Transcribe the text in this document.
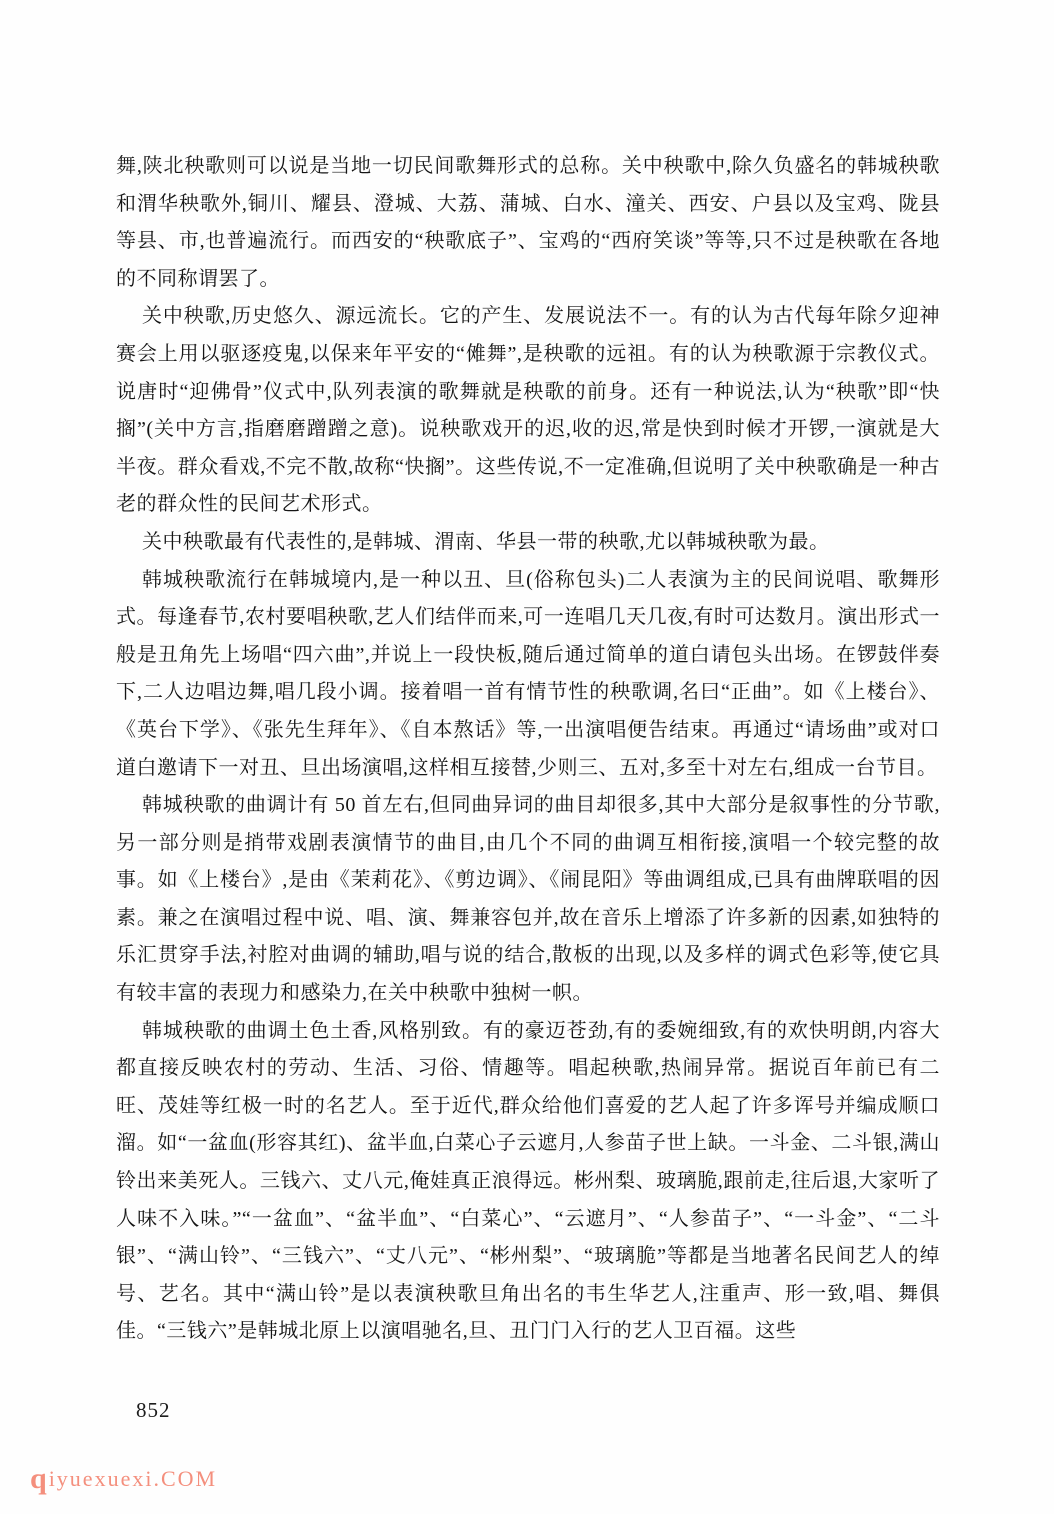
舞,陕北秧歌则可以说是当地一切民间歌舞形式的总称。关中秧歌中,除久负盛名的韩城秧歌和渭华秧歌外,铜川、耀县、澄城、大荔、蒲城、白水、潼关、西安、户县以及宝鸡、陇县等县、市,也普遍流行。而西安的“秧歌底子”、宝鸡的“西府笑谈”等等,只不过是秧歌在各地的不同称谓罢了。

关中秧歌,历史悠久、源远流长。它的产生、发展说法不一。有的认为古代每年除夕迎神赛会上用以驱逐疫鬼,以保来年平安的“傩舞”,是秧歌的远祖。有的认为秧歌源于宗教仪式。说唐时“迎佛骨”仪式中,队列表演的歌舞就是秧歌的前身。还有一种说法,认为“秧歌”即“快搁”(关中方言,指磨磨蹭蹭之意)。说秧歌戏开的迟,收的迟,常是快到时候才开锣,一演就是大半夜。群众看戏,不完不散,故称“快搁”。这些传说,不一定准确,但说明了关中秧歌确是一种古老的群众性的民间艺术形式。

关中秧歌最有代表性的,是韩城、渭南、华县一带的秧歌,尤以韩城秧歌为最。

韩城秧歌流行在韩城境内,是一种以丑、旦(俗称包头)二人表演为主的民间说唱、歌舞形式。每逢春节,农村要唱秧歌,艺人们结伴而来,可一连唱几天几夜,有时可达数月。演出形式一般是丑角先上场唱“四六曲”,并说上一段快板,随后通过简单的道白请包头出场。在锣鼓伴奏下,二人边唱边舞,唱几段小调。接着唱一首有情节性的秧歌调,名曰“正曲”。如《上楼台》、《英台下学》、《张先生拜年》、《自本熬话》等,一出演唱便告结束。再通过“请场曲”或对口道白邀请下一对丑、旦出场演唱,这样相互接替,少则三、五对,多至十对左右,组成一台节目。

韩城秧歌的曲调计有 50 首左右,但同曲异词的曲目却很多,其中大部分是叙事性的分节歌,另一部分则是捎带戏剧表演情节的曲目,由几个不同的曲调互相衔接,演唱一个较完整的故事。如《上楼台》,是由《茉莉花》、《剪边调》、《闹昆阳》等曲调组成,已具有曲牌联唱的因素。兼之在演唱过程中说、唱、演、舞兼容包并,故在音乐上增添了许多新的因素,如独特的乐汇贯穿手法,衬腔对曲调的辅助,唱与说的结合,散板的出现,以及多样的调式色彩等,使它具有较丰富的表现力和感染力,在关中秧歌中独树一帜。

韩城秧歌的曲调土色土香,风格别致。有的豪迈苍劲,有的委婉细致,有的欢快明朗,内容大都直接反映农村的劳动、生活、习俗、情趣等。唱起秧歌,热闹异常。据说百年前已有二旺、茂娃等红极一时的名艺人。至于近代,群众给他们喜爱的艺人起了许多诨号并编成顺口溜。如“一盆血(形容其红)、盆半血,白菜心子云遮月,人参苗子世上缺。一斗金、二斗银,满山铃出来美死人。三钱六、丈八元,俺娃真正浪得远。彬州梨、玻璃脆,跟前走,往后退,大家听了人味不入味。”“一盆血”、“盆半血”、“白菜心”、“云遮月”、“人参苗子”、“一斗金”、“二斗银”、“满山铃”、“三钱六”、“丈八元”、“彬州梨”、“玻璃脆”等都是当地著名民间艺人的绰号、艺名。其中“满山铃”是以表演秧歌旦角出名的韦生华艺人,注重声、形一致,唱、舞俱佳。“三钱六”是韩城北原上以演唱驰名,旦、丑门门入行的艺人卫百福。这些

852
qiyuexuexi.COM
